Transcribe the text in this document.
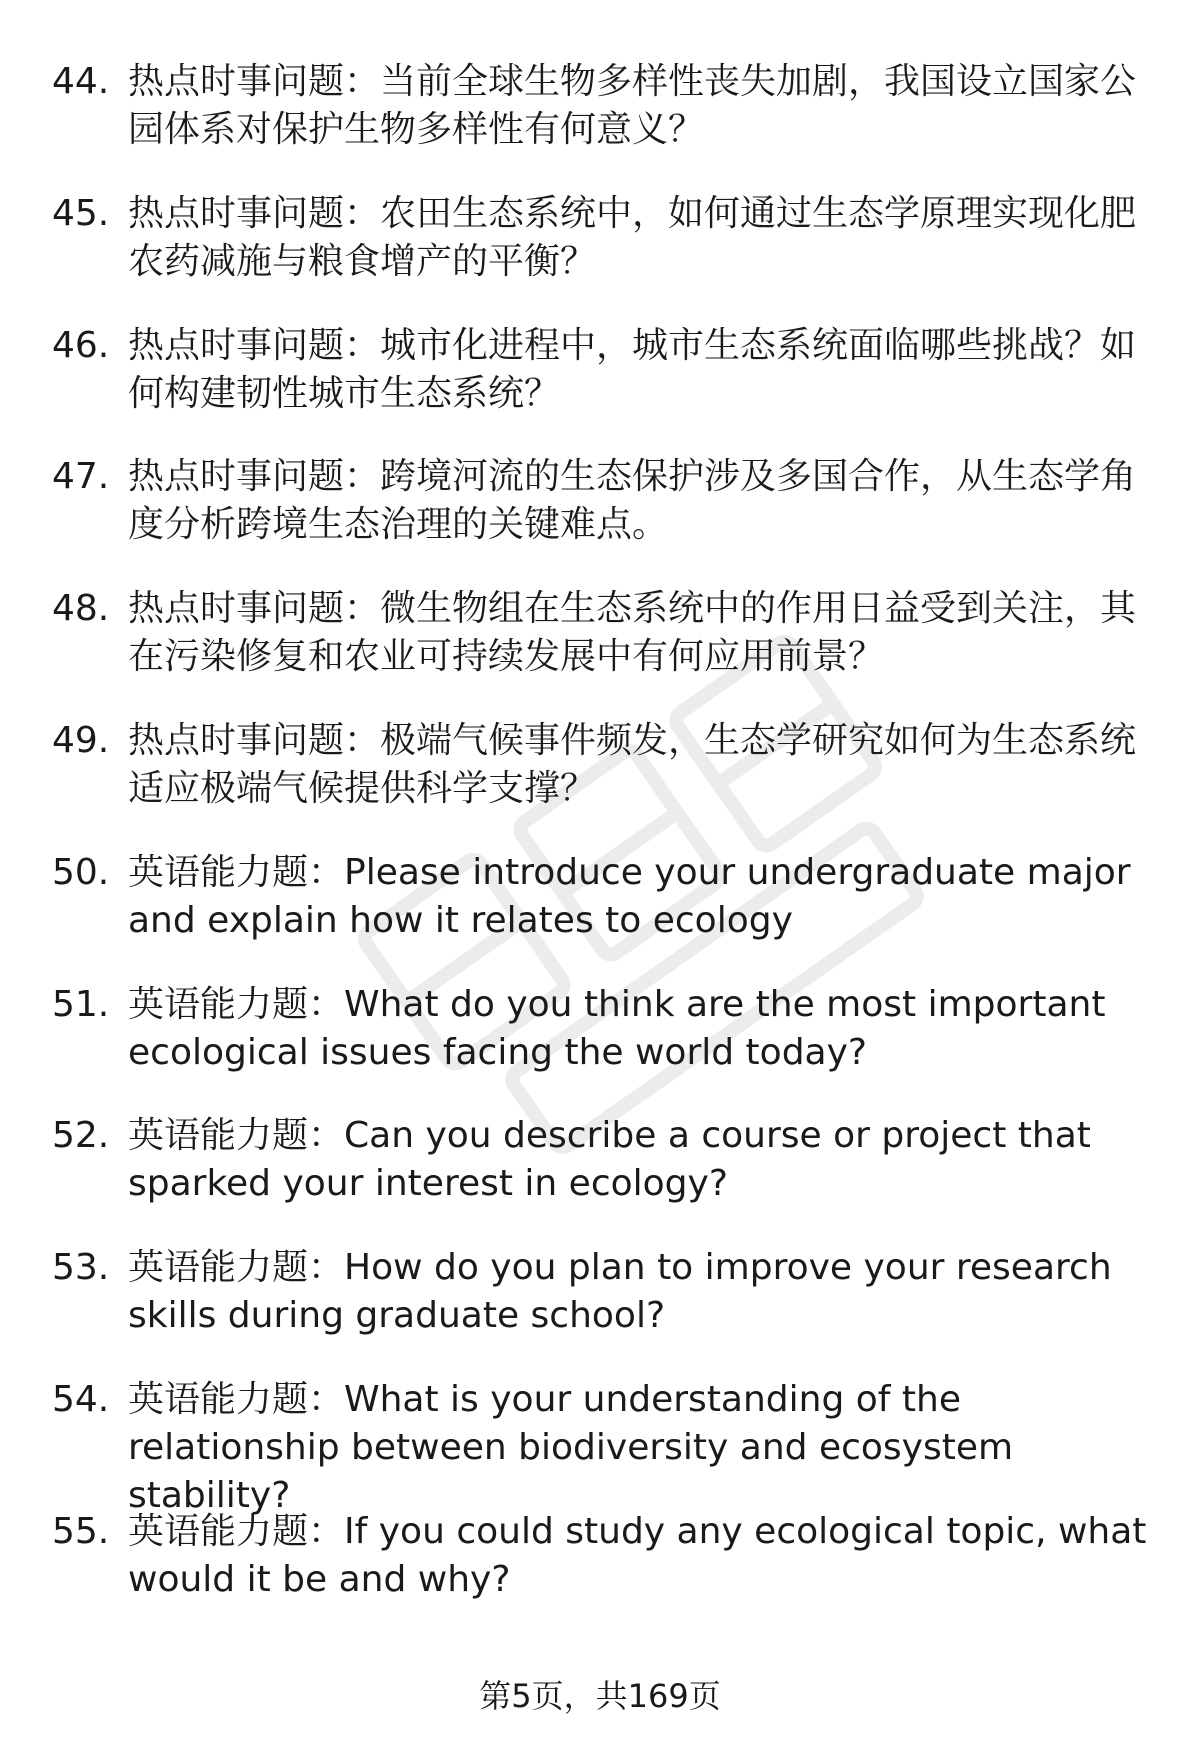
44. 热点时事问题：当前全球生物多样性丧失加剧，我国设立国家公园体系对保护生物多样性有何意义？
45. 热点时事问题：农田生态系统中，如何通过生态学原理实现化肥农药减施与粮食增产的平衡？
46. 热点时事问题：城市化进程中，城市生态系统面临哪些挑战？如何构建韧性城市生态系统？
47. 热点时事问题：跨境河流的生态保护涉及多国合作，从生态学角度分析跨境生态治理的关键难点。
48. 热点时事问题：微生物组在生态系统中的作用日益受到关注，其在污染修复和农业可持续发展中有何应用前景？
49. 热点时事问题：极端气候事件频发，生态学研究如何为生态系统适应极端气候提供科学支撑？
50. 英语能力题：Please introduce your undergraduate major and explain how it relates to ecology
51. 英语能力题：What do you think are the most important ecological issues facing the world today?
52. 英语能力题：Can you describe a course or project that sparked your interest in ecology?
53. 英语能力题：How do you plan to improve your research skills during graduate school?
54. 英语能力题：What is your understanding of the relationship between biodiversity and ecosystem stability?
55. 英语能力题：If you could study any ecological topic, what would it be and why?
第5页，共169页
